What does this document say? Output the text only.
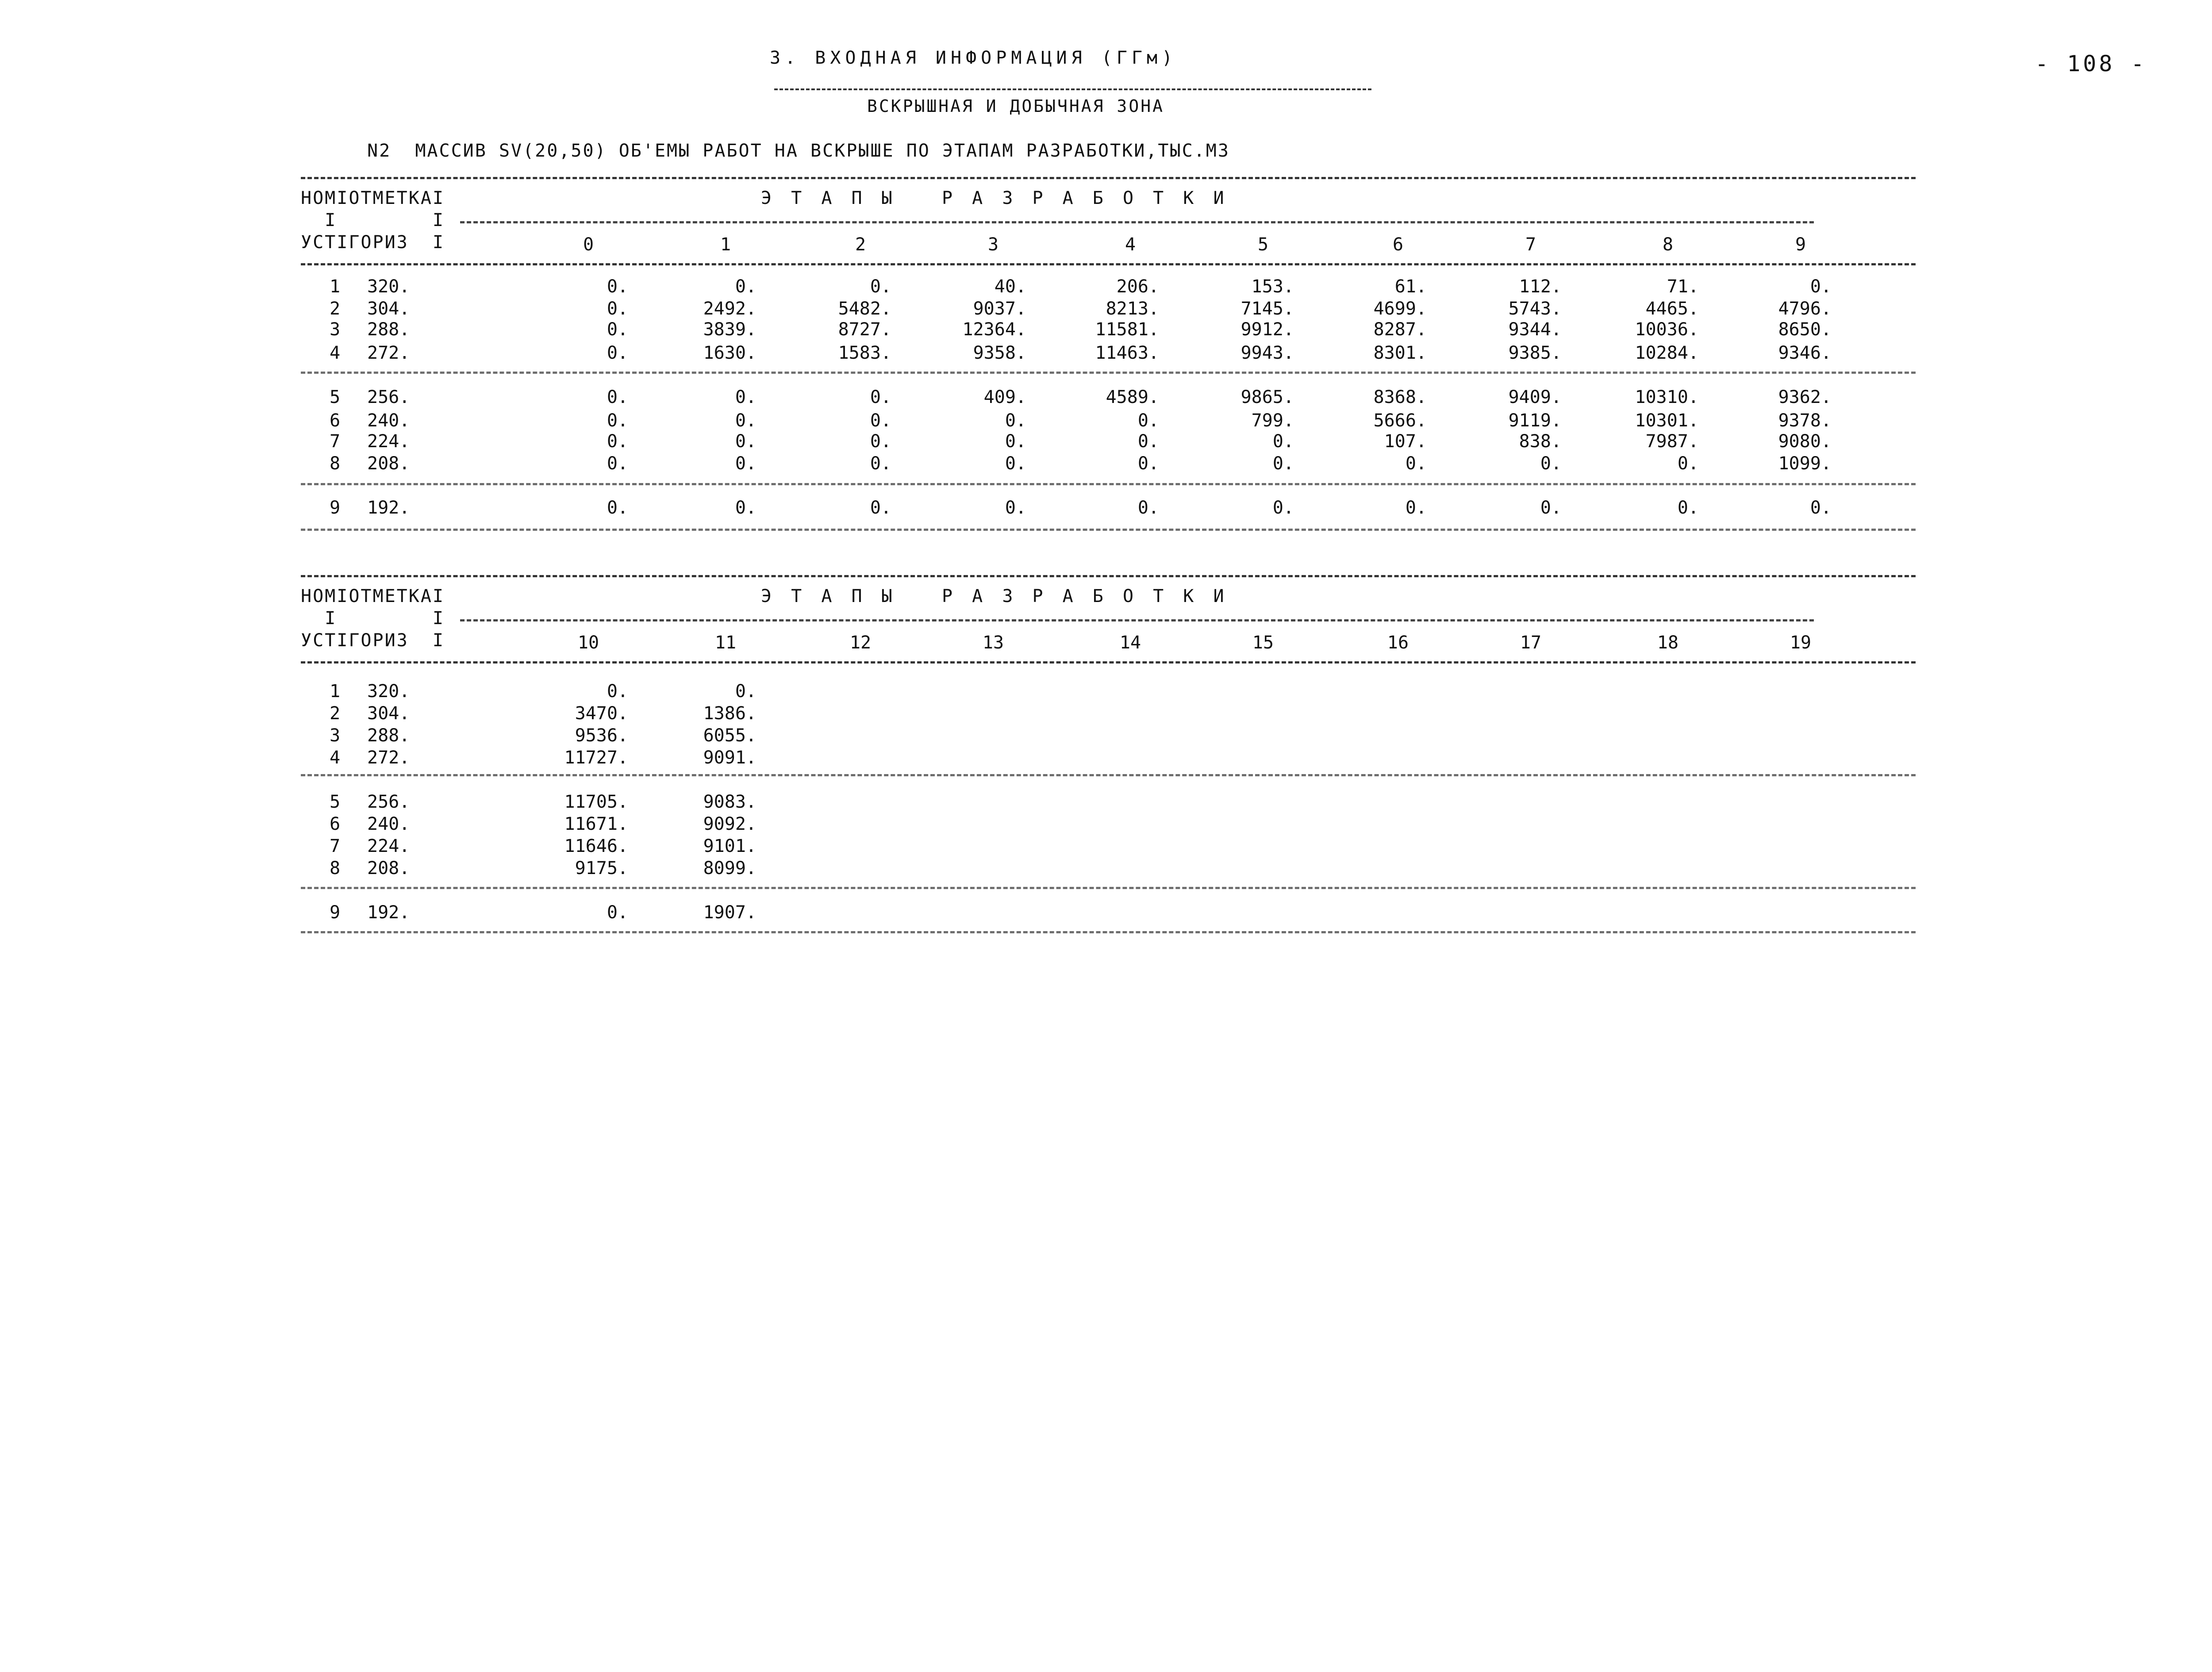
3. ВХОДНАЯ ИНФОРМАЦИЯ (ГГм)
ВСКРЫШНАЯ И ДОБЫЧНАЯ ЗОНА
- 108 -
N2  МАССИВ SV(20,50) ОБ'ЕМЫ РАБОТ НА ВСКРЫШЕ ПО ЭТАПАМ РАЗРАБОТКИ,ТЫС.М3
НОМIОТМЕТКАI
I        I
УСТIГОРИЗ  I
Э Т А П Ы   Р А З Р А Б О Т К И
0	1	2	3	4	5	6	7	8	9
1 320.	0.	0.	0.	40.	206.	153.	61.	112.	71.	0.
2 304.	0.	2492.	5482.	9037.	8213.	7145.	4699.	5743.	4465.	4796.
3 288.	0.	3839.	8727.	12364.	11581.	9912.	8287.	9344.	10036.	8650.
4 272.	0.	1630.	1583.	9358.	11463.	9943.	8301.	9385.	10284.	9346.
5 256.	0.	0.	0.	409.	4589.	9865.	8368.	9409.	10310.	9362.
6 240.	0.	0.	0.	0.	0.	799.	5666.	9119.	10301.	9378.
7 224.	0.	0.	0.	0.	0.	0.	107.	838.	7987.	9080.
8 208.	0.	0.	0.	0.	0.	0.	0.	0.	0.	1099.
9 192.	0.	0.	0.	0.	0.	0.	0.	0.	0.	0.
НОМIОТМЕТКАI
I        I
УСТIГОРИЗ  I
Э Т А П Ы   Р А З Р А Б О Т К И
10	11	12	13	14	15	16	17	18	19
1 320.	0.	0.
2 304.	3470.	1386.
3 288.	9536.	6055.
4 272.	11727.	9091.
5 256.	11705.	9083.
6 240.	11671.	9092.
7 224.	11646.	9101.
8 208.	9175.	8099.
9 192.	0.	1907.
